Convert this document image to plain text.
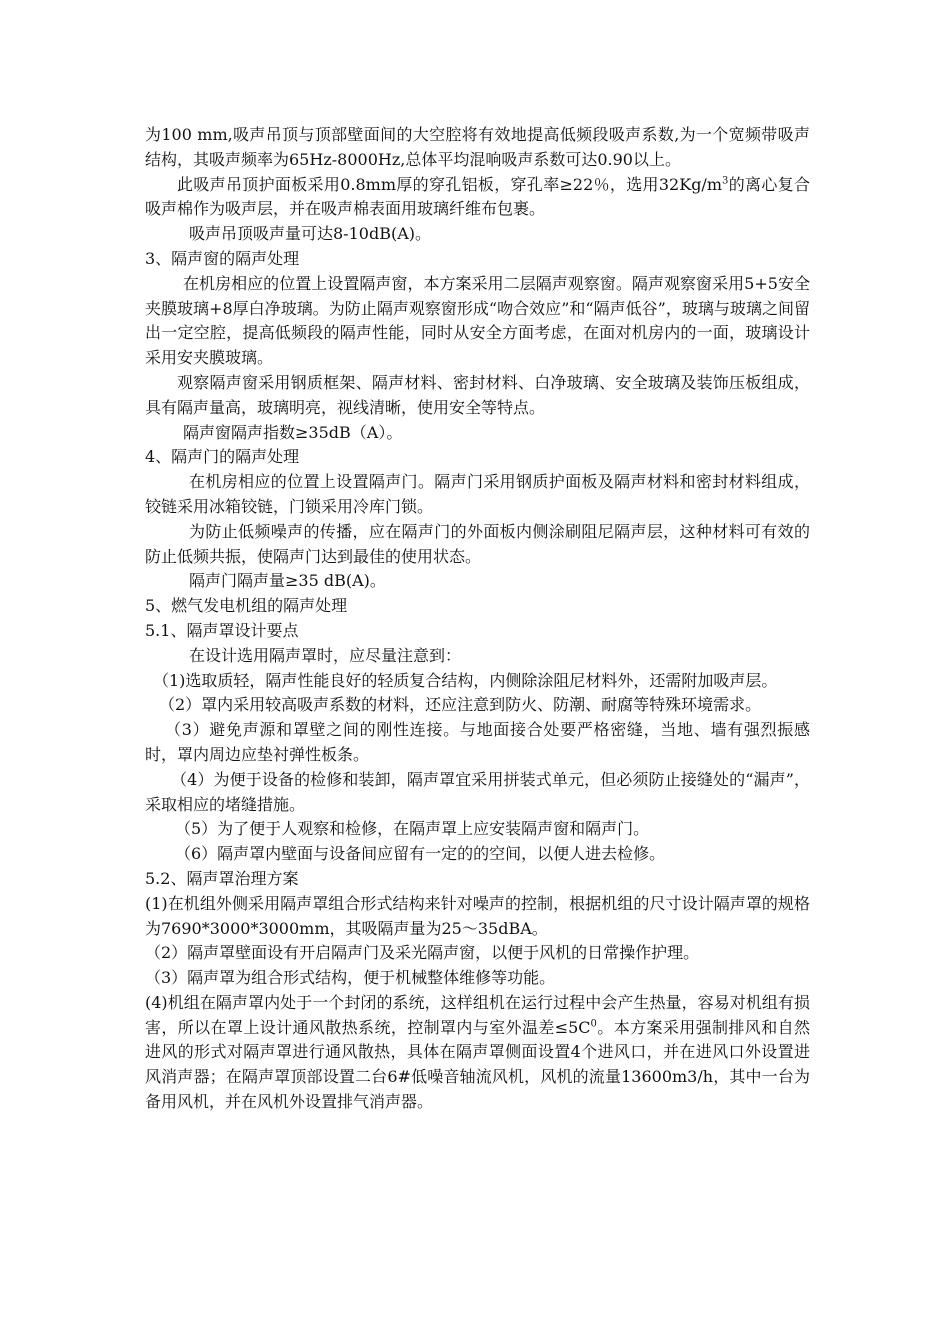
为100 mm,吸声吊顶与顶部壁面间的大空腔将有效地提高低频段吸声系数,为一个宽频带吸声结构，其吸声频率为65Hz-8000Hz,总体平均混响吸声系数可达0.90以上。

此吸声吊顶护面板采用0.8mm厚的穿孔铝板，穿孔率≥22％，选用$32Kg/m^3$的离心复合吸声棉作为吸声层，并在吸声棉表面用玻璃纤维布包裹。

吸声吊顶吸声量可达8-10dB(A)。

3、隔声窗的隔声处理

在机房相应的位置上设置隔声窗，本方案采用二层隔声观察窗。隔声观察窗采用5+5安全夹膜玻璃+8厚白净玻璃。为防止隔声观察窗形成“吻合效应”和“隔声低谷”，玻璃与玻璃之间留出一定空腔，提高低频段的隔声性能，同时从安全方面考虑，在面对机房内的一面，玻璃设计采用安夹膜玻璃。

观察隔声窗采用钢质框架、隔声材料、密封材料、白净玻璃、安全玻璃及装饰压板组成，具有隔声量高，玻璃明亮，视线清晰，使用安全等特点。

隔声窗隔声指数≥35dB（A）。

4、隔声门的隔声处理

在机房相应的位置上设置隔声门。隔声门采用钢质护面板及隔声材料和密封材料组成，铰链采用冰箱铰链，门锁采用冷库门锁。

为防止低频噪声的传播，应在隔声门的外面板内侧涂刷阻尼隔声层，这种材料可有效的防止低频共振，使隔声门达到最佳的使用状态。

隔声门隔声量≥35 dB(A)。

5、燃气发电机组的隔声处理

5.1、隔声罩设计要点

在设计选用隔声罩时，应尽量注意到：

（1)选取质轻，隔声性能良好的轻质复合结构，内侧除涂阻尼材料外，还需附加吸声层。

（2）罩内采用较高吸声系数的材料，还应注意到防火、防潮、耐腐等特殊环境需求。

（3）避免声源和罩壁之间的刚性连接。与地面接合处要严格密缝，当地、墙有强烈振感时，罩内周边应垫衬弹性板条。

（4）为便于设备的检修和装卸，隔声罩宜采用拼装式单元，但必须防止接缝处的“漏声”，采取相应的堵缝措施。

（5）为了便于人观察和检修，在隔声罩上应安装隔声窗和隔声门。

（6）隔声罩内壁面与设备间应留有一定的的空间，以便人进去检修。

5.2、隔声罩治理方案

(1)在机组外侧采用隔声罩组合形式结构来针对噪声的控制，根据机组的尺寸设计隔声罩的规格为7690*3000*3000mm，其吸隔声量为25～35dBA。

（2）隔声罩壁面设有开启隔声门及采光隔声窗，以便于风机的日常操作护理。

（3）隔声罩为组合形式结构，便于机械整体维修等功能。

(4)机组在隔声罩内处于一个封闭的系统，这样组机在运行过程中会产生热量，容易对机组有损害，所以在罩上设计通风散热系统，控制罩内与室外温差$\le 5C^0$。本方案采用强制排风和自然进风的形式对隔声罩进行通风散热，具体在隔声罩侧面设置4个进风口，并在进风口外设置进风消声器；在隔声罩顶部设置二台6#低噪音轴流风机，风机的流量13600m3/h，其中一台为备用风机，并在风机外设置排气消声器。
